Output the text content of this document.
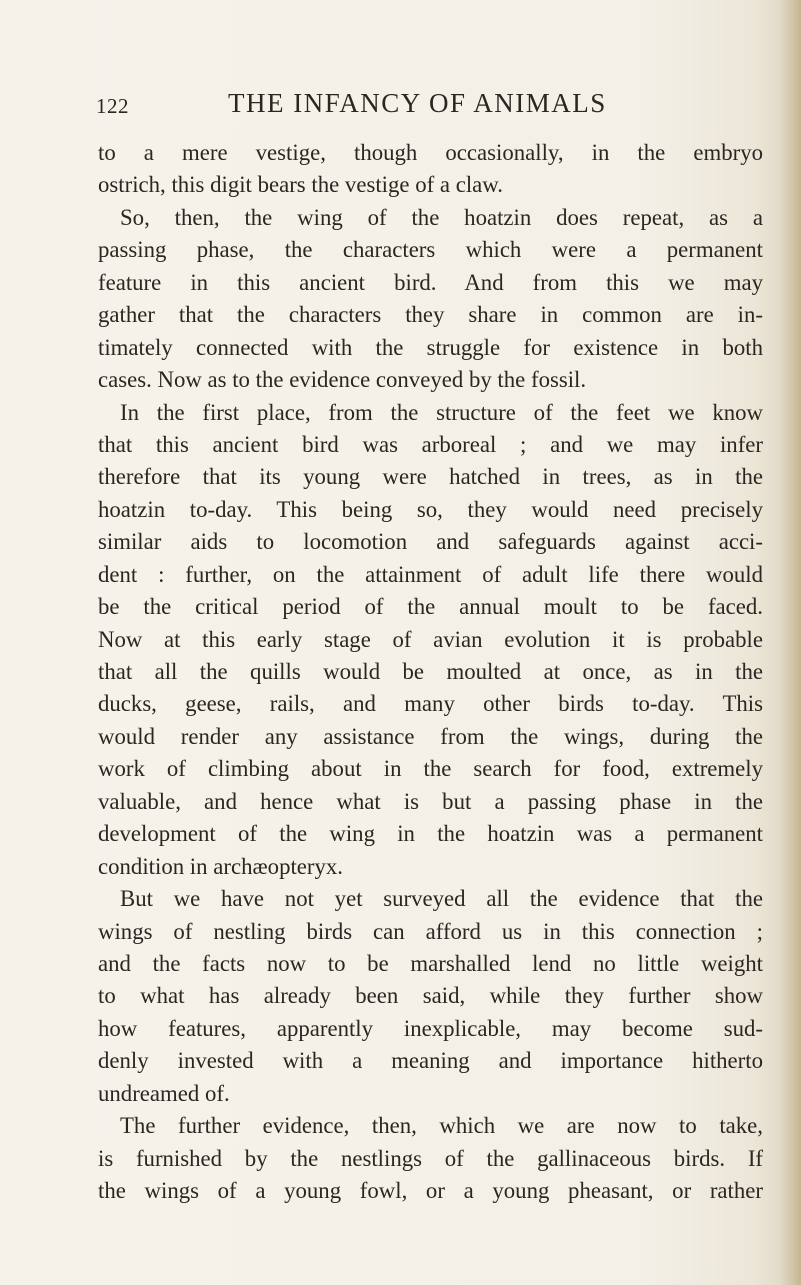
122	THE INFANCY OF ANIMALS
to a mere vestige, though occasionally, in the embryo
ostrich, this digit bears the vestige of a claw.
So, then, the wing of the hoatzin does repeat, as a
passing phase, the characters which were a permanent
feature in this ancient bird. And from this we may
gather that the characters they share in common are in-
timately connected with the struggle for existence in both
cases. Now as to the evidence conveyed by the fossil.
In the first place, from the structure of the feet we know
that this ancient bird was arboreal ; and we may infer
therefore that its young were hatched in trees, as in the
hoatzin to-day. This being so, they would need precisely
similar aids to locomotion and safeguards against acci-
dent : further, on the attainment of adult life there would
be the critical period of the annual moult to be faced.
Now at this early stage of avian evolution it is probable
that all the quills would be moulted at once, as in the
ducks, geese, rails, and many other birds to-day. This
would render any assistance from the wings, during the
work of climbing about in the search for food, extremely
valuable, and hence what is but a passing phase in the
development of the wing in the hoatzin was a permanent
condition in archæopteryx.
But we have not yet surveyed all the evidence that the
wings of nestling birds can afford us in this connection ;
and the facts now to be marshalled lend no little weight
to what has already been said, while they further show
how features, apparently inexplicable, may become sud-
denly invested with a meaning and importance hitherto
undreamed of.
The further evidence, then, which we are now to take,
is furnished by the nestlings of the gallinaceous birds. If
the wings of a young fowl, or a young pheasant, or rather
